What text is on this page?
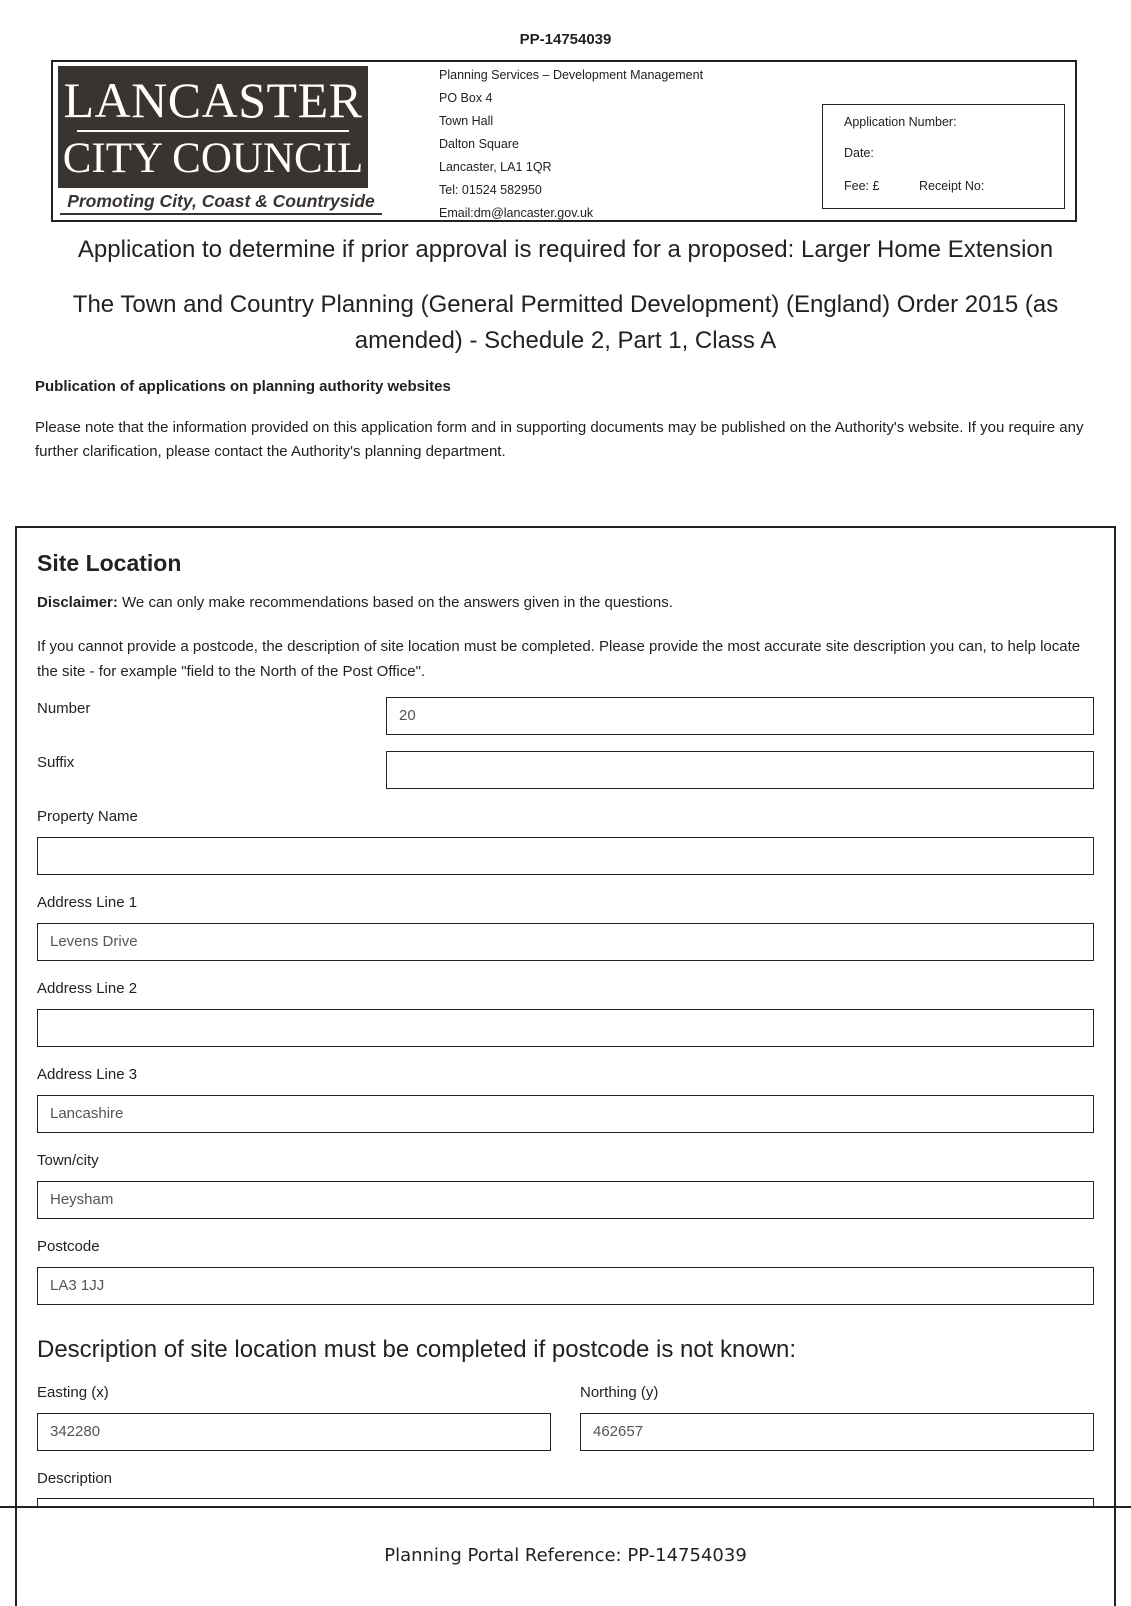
PP-14754039
LANCASTER
CITY COUNCIL
Promoting City, Coast & Countryside
Planning Services – Development Management
PO Box 4
Town Hall
Dalton Square
Lancaster, LA1 1QR
Tel: 01524 582950
Email:dm@lancaster.gov.uk
Application Number:
Date:
Fee: £	Receipt No:
Application to determine if prior approval is required for a proposed: Larger Home Extension
The Town and Country Planning (General Permitted Development) (England) Order 2015 (as amended) - Schedule 2, Part 1, Class A
Publication of applications on planning authority websites
Please note that the information provided on this application form and in supporting documents may be published on the Authority's website. If you require any further clarification, please contact the Authority's planning department.
Site Location
Disclaimer: We can only make recommendations based on the answers given in the questions.
If you cannot provide a postcode, the description of site location must be completed. Please provide the most accurate site description you can, to help locate the site - for example "field to the North of the Post Office".
Number	20
Suffix
Property Name
Address Line 1
Levens Drive
Address Line 2
Address Line 3
Lancashire
Town/city
Heysham
Postcode
LA3 1JJ
Description of site location must be completed if postcode is not known:
Easting (x)
342280
Northing (y)
462657
Description
Planning Portal Reference: PP-14754039
